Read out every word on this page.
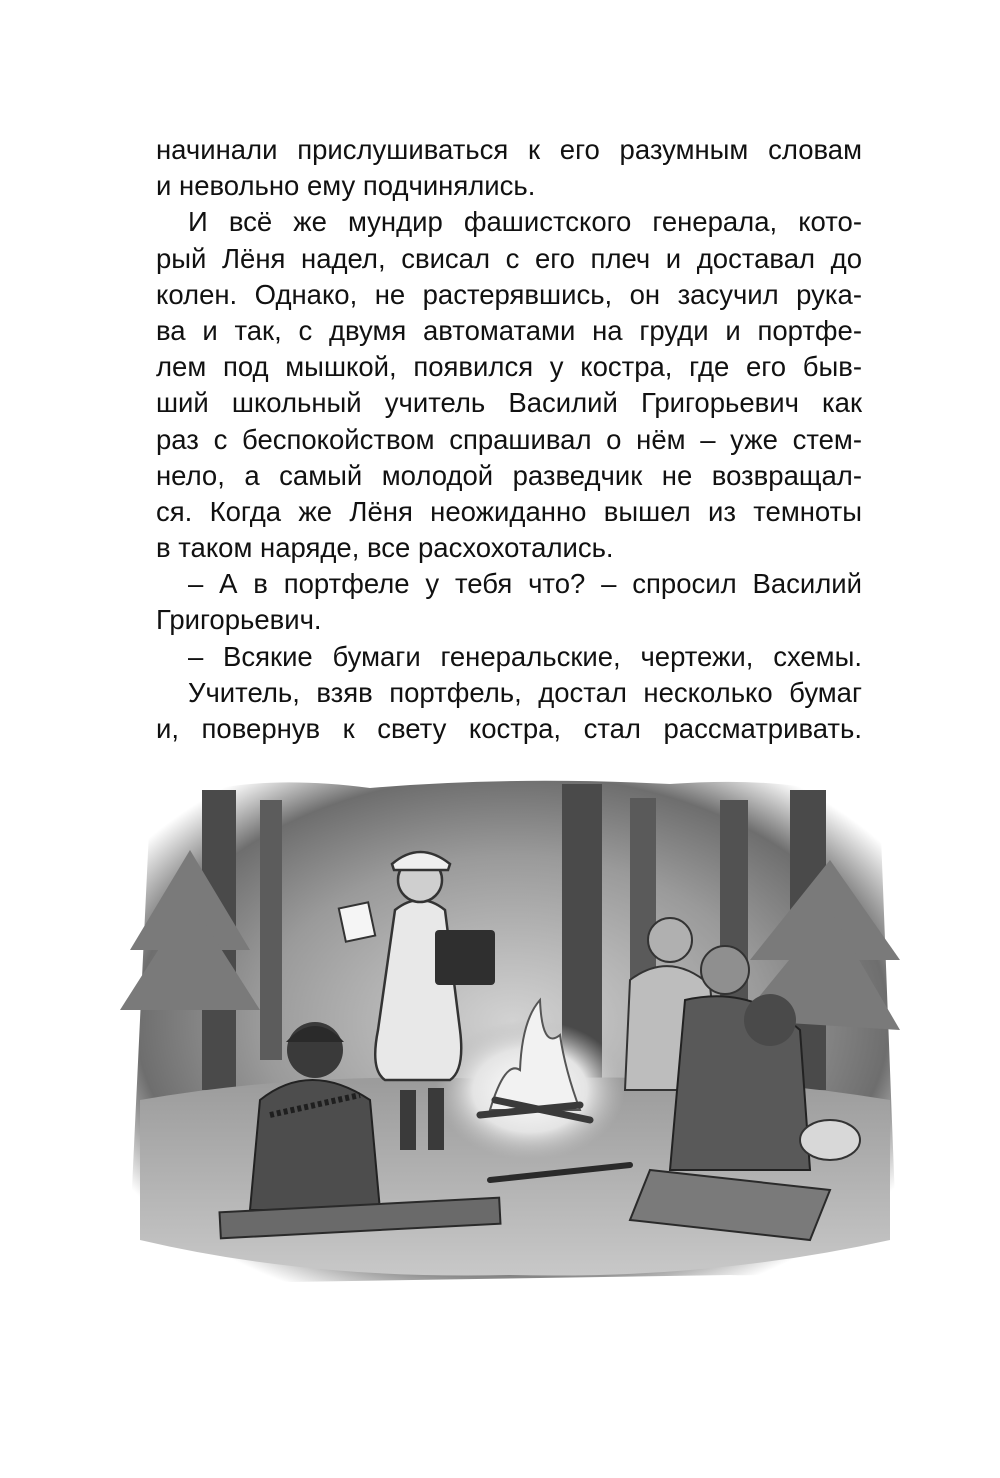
начинали прислушиваться к его разумным словам
и невольно ему подчинялись.
И всё же мундир фашистского генерала, кото-
рый Лёня надел, свисал с его плеч и доставал до
колен. Однако, не растерявшись, он засучил рука-
ва и так, с двумя автоматами на груди и портфе-
лем под мышкой, появился у костра, где его быв-
ший школьный учитель Василий Григорьевич как
раз с беспокойством спрашивал о нём – уже стем-
нело, а самый молодой разведчик не возвращал-
ся. Когда же Лёня неожиданно вышел из темноты
в таком наряде, все расхохотались.
– А в портфеле у тебя что? – спросил Василий
Григорьевич.
– Всякие бумаги генеральские, чертежи, схемы.
Учитель, взяв портфель, достал несколько бумаг
и, повернув к свету костра, стал рассматривать.
